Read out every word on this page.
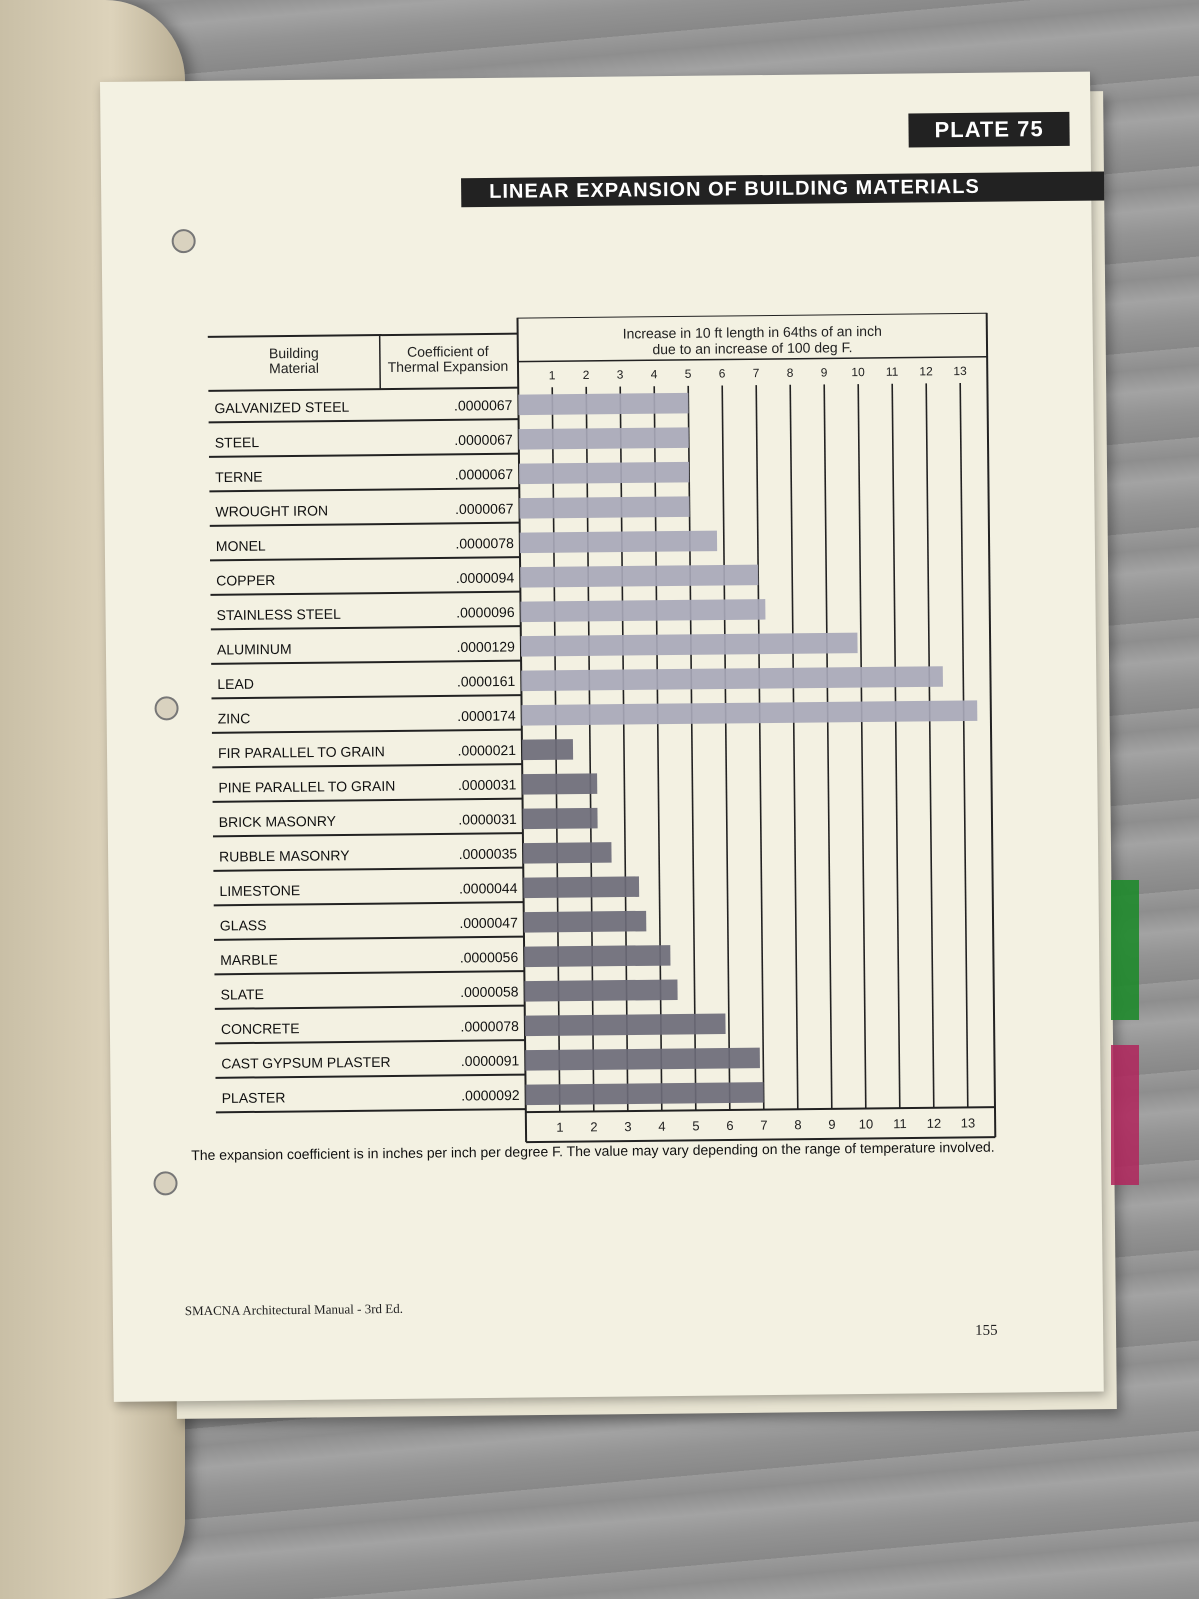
PLATE 75
LINEAR EXPANSION OF BUILDING MATERIALS
Building
Material
Coefficient of
Thermal Expansion
Increase in 10 ft length in 64ths of an inch
due to an increase of 100 deg F.
1
1
2
2
3
3
4
4
5
5
6
6
7
7
8
8
9
9
10
10
11
11
12
12
13
13
GALVANIZED STEEL	.0000067
STEEL	.0000067
TERNE	.0000067
WROUGHT IRON	.0000067
MONEL	.0000078
COPPER	.0000094
STAINLESS STEEL	.0000096
ALUMINUM	.0000129
LEAD	.0000161
ZINC	.0000174
FIR PARALLEL TO GRAIN	.0000021
PINE PARALLEL TO GRAIN	.0000031
BRICK MASONRY	.0000031
RUBBLE MASONRY	.0000035
LIMESTONE	.0000044
GLASS	.0000047
MARBLE	.0000056
SLATE	.0000058
CONCRETE	.0000078
CAST GYPSUM PLASTER	.0000091
PLASTER	.0000092
The expansion coefficient is in inches per inch per degree F. The value may vary depending on the range of temperature involved.
SMACNA Architectural Manual - 3rd Ed.
155
